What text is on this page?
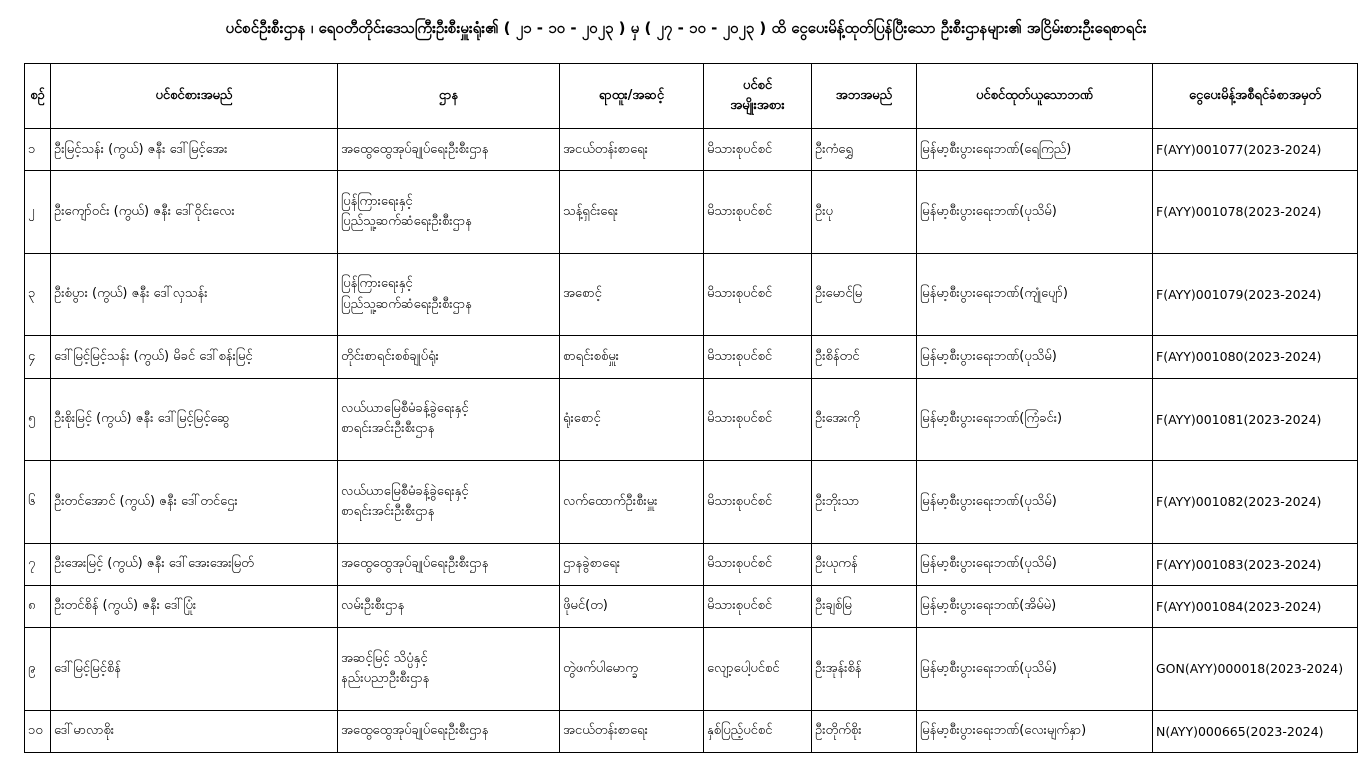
ပင်စင်ဦးစီးဌာန ၊ ရေဝတီတိုင်းဒေသကြီးဦးစီးမှူးရုံး၏ ( ၂၁ - ၁၀ - ၂၀၂၃ ) မှ ( ၂၇ - ၁၀ - ၂၀၂၃ ) ထိ ငွေပေးမိန့်ထုတ်ပြန်ပြီးသော ဦးစီးဌာနများ၏ အငြိမ်းစားဦးရေစာရင်း
စဉ်	ပင်စင်စားအမည်	ဌာန	ရာထူး/အဆင့်	ပင်စင်
အမျိုးအစား	အဘအမည်	ပင်စင်ထုတ်ယူသောဘဏ်	ငွေပေးမိန့်အစီရင်ခံစာအမှတ်
၁	ဦးမြင့်သန်း (ကွယ်) ဇနီး ဒေါ်မြင့်အေး	အထွေထွေအုပ်ချုပ်ရေးဦးစီးဌာန	အငယ်တန်းစာရေး	မိသားစုပင်စင်	ဦးကံရွှေ	မြန်မာ့စီးပွားရေးဘဏ်(ရေကြည်)	F(AYY)001077(2023-2024)
၂	ဦးကျော်ဝင်း (ကွယ်) ဇနီး ဒေါ်ဝိုင်းလေး	ပြန်ကြားရေးနှင့်
ပြည်သူ့ဆက်ဆံရေးဦးစီးဌာန	သန့်ရှင်းရေး	မိသားစုပင်စင်	ဦးပု	မြန်မာ့စီးပွားရေးဘဏ်(ပုသိမ်)	F(AYY)001078(2023-2024)
၃	ဦးစံပွား (ကွယ်) ဇနီး ဒေါ်လှသန်း	ပြန်ကြားရေးနှင့်
ပြည်သူ့ဆက်ဆံရေးဦးစီးဌာန	အစောင့်	မိသားစုပင်စင်	ဦးမောင်မြ	မြန်မာ့စီးပွားရေးဘဏ်(ကျုံပျော်)	F(AYY)001079(2023-2024)
၄	ဒေါ်မြင့်မြင့်သန်း (ကွယ်) မိခင် ဒေါ်စန်းမြင့်	တိုင်းစာရင်းစစ်ချုပ်ရုံး	စာရင်းစစ်မှူး	မိသားစုပင်စင်	ဦးစိန်တင်	မြန်မာ့စီးပွားရေးဘဏ်(ပုသိမ်)	F(AYY)001080(2023-2024)
၅	ဦးစိုးမြင့် (ကွယ်) ဇနီး ဒေါ်မြင့်မြင့်ဆွေ	လယ်ယာမြေစီမံခန့်ခွဲရေးနှင့်
စာရင်းအင်းဦးစီးဌာန	ရုံးစောင့်	မိသားစုပင်စင်	ဦးအေးကို	မြန်မာ့စီးပွားရေးဘဏ်(ကြံခင်း)	F(AYY)001081(2023-2024)
၆	ဦးတင်အောင် (ကွယ်) ဇနီး ဒေါ်တင်ဌေး	လယ်ယာမြေစီမံခန့်ခွဲရေးနှင့်
စာရင်းအင်းဦးစီးဌာန	လက်ထောက်ဦးစီးမှူး	မိသားစုပင်စင်	ဦးဘိုးသာ	မြန်မာ့စီးပွားရေးဘဏ်(ပုသိမ်)	F(AYY)001082(2023-2024)
၇	ဦးအေးမြင့် (ကွယ်) ဇနီး ဒေါ်အေးအေးမြတ်	အထွေထွေအုပ်ချုပ်ရေးဦးစီးဌာန	ဌာနခွဲစာရေး	မိသားစုပင်စင်	ဦးယုကန်	မြန်မာ့စီးပွားရေးဘဏ်(ပုသိမ်)	F(AYY)001083(2023-2024)
၈	ဦးတင်စိန် (ကွယ်) ဇနီး ဒေါ်ပြုံး	လမ်းဦးစီးဌာန	ဖိုမင်(တ)	မိသားစုပင်စင်	ဦးချစ်မြ	မြန်မာ့စီးပွားရေးဘဏ်(အိမ်မဲ)	F(AYY)001084(2023-2024)
၉	ဒေါ်မြင့်မြင့်စိန်	အဆင့်မြင့် သိပ္ပံနှင့်
နည်းပညာဦးစီးဌာန	တွဲဖက်ပါမောက္ခ	လျော့ပေါ့ပင်စင်	ဦးအုန်းစိန်	မြန်မာ့စီးပွားရေးဘဏ်(ပုသိမ်)	GON(AYY)000018(2023-2024)
၁၀	ဒေါ်မာလာစိုး	အထွေထွေအုပ်ချုပ်ရေးဦးစီးဌာန	အငယ်တန်းစာရေး	နှစ်ပြည့်ပင်စင်	ဦးတိုက်စိုး	မြန်မာ့စီးပွားရေးဘဏ်(လေးမျက်နှာ)	N(AYY)000665(2023-2024)
